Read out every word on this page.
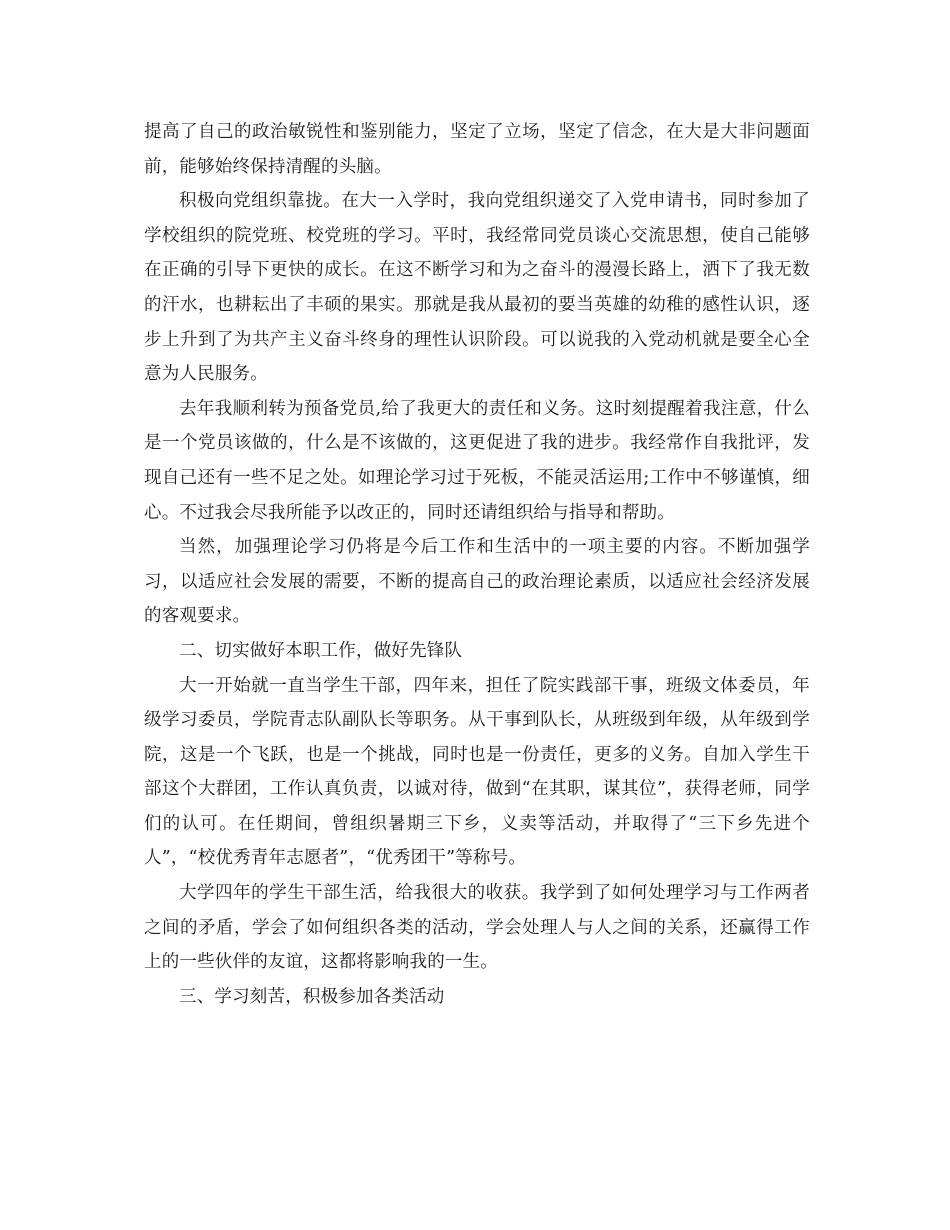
提高了自己的政治敏锐性和鉴别能力，坚定了立场，坚定了信念，在大是大非问题面前，能够始终保持清醒的头脑。

积极向党组织靠拢。在大一入学时，我向党组织递交了入党申请书，同时参加了学校组织的院党班、校党班的学习。平时，我经常同党员谈心交流思想，使自己能够在正确的引导下更快的成长。在这不断学习和为之奋斗的漫漫长路上，洒下了我无数的汗水，也耕耘出了丰硕的果实。那就是我从最初的要当英雄的幼稚的感性认识，逐步上升到了为共产主义奋斗终身的理性认识阶段。可以说我的入党动机就是要全心全意为人民服务。

去年我顺利转为预备党员,给了我更大的责任和义务。这时刻提醒着我注意，什么是一个党员该做的，什么是不该做的，这更促进了我的进步。我经常作自我批评，发现自己还有一些不足之处。如理论学习过于死板，不能灵活运用;工作中不够谨慎，细心。不过我会尽我所能予以改正的，同时还请组织给与指导和帮助。

当然，加强理论学习仍将是今后工作和生活中的一项主要的内容。不断加强学习，以适应社会发展的需要，不断的提高自己的政治理论素质，以适应社会经济发展的客观要求。

二、切实做好本职工作，做好先锋队

大一开始就一直当学生干部，四年来，担任了院实践部干事，班级文体委员，年级学习委员，学院青志队副队长等职务。从干事到队长，从班级到年级，从年级到学院，这是一个飞跃，也是一个挑战，同时也是一份责任，更多的义务。自加入学生干部这个大群团，工作认真负责，以诚对待，做到“在其职，谋其位”，获得老师，同学们的认可。在任期间，曾组织暑期三下乡，义卖等活动，并取得了“三下乡先进个人”，“校优秀青年志愿者”，“优秀团干”等称号。

大学四年的学生干部生活，给我很大的收获。我学到了如何处理学习与工作两者之间的矛盾，学会了如何组织各类的活动，学会处理人与人之间的关系，还赢得工作上的一些伙伴的友谊，这都将影响我的一生。

三、学习刻苦，积极参加各类活动
